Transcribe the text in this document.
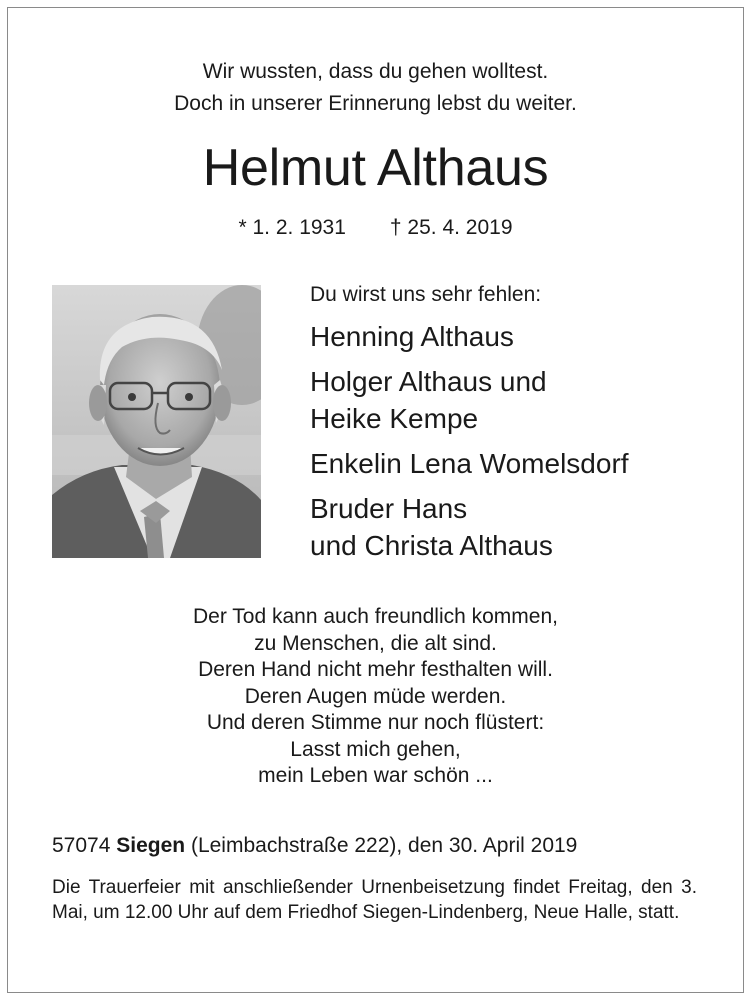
Wir wussten, dass du gehen wolltest.
Doch in unserer Erinnerung lebst du weiter.
Helmut Althaus
* 1. 2. 1931 † 25. 4. 2019
Du wirst uns sehr fehlen:
Henning Althaus
Holger Althaus und
Heike Kempe
Enkelin Lena Womelsdorf
Bruder Hans
und Christa Althaus
Der Tod kann auch freundlich kommen,
zu Menschen, die alt sind.
Deren Hand nicht mehr festhalten will.
Deren Augen müde werden.
Und deren Stimme nur noch flüstert:
Lasst mich gehen,
mein Leben war schön ...
57074 Siegen (Leimbachstraße 222), den 30. April 2019
Die Trauerfeier mit anschließender Urnenbeisetzung findet Freitag, den 3. Mai, um 12.00 Uhr auf dem Friedhof Siegen-Lindenberg, Neue Halle, statt.
